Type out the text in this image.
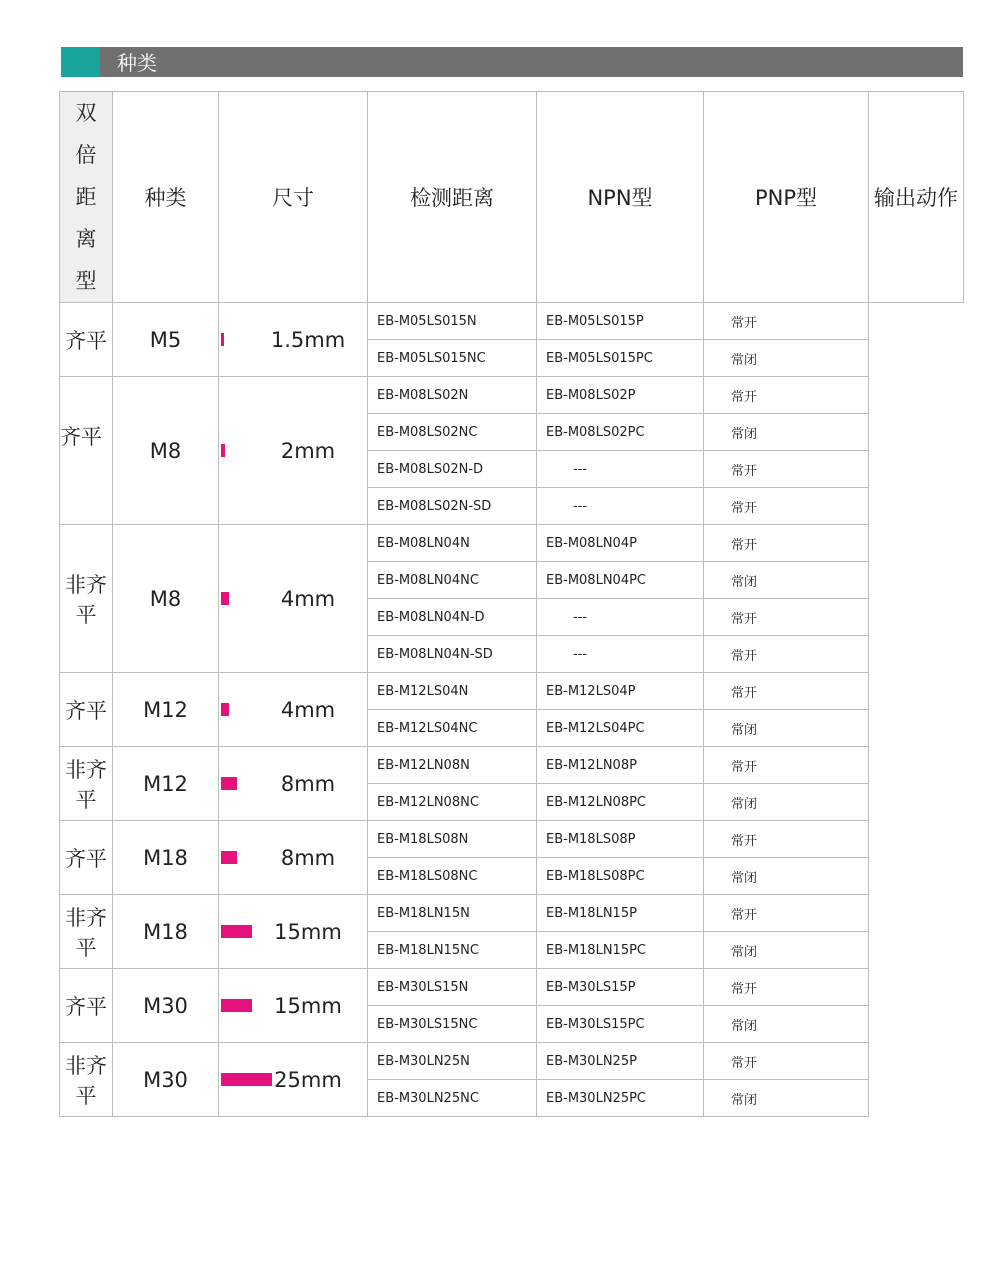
种类
双倍距离型	种类	尺寸	检测距离	NPN型	PNP型	输出动作
齐平	M5	1.5mm	EB-M05LS015N	EB-M05LS015P	常开	
			EB-M05LS015NC	EB-M05LS015PC	常闭	
齐平	M8	2mm	EB-M08LS02N	EB-M08LS02P	常开	
			EB-M08LS02NC	EB-M08LS02PC	常闭	
			EB-M08LS02N-D	---	常开	
			EB-M08LS02N-SD	---	常开	
非齐平	M8	4mm	EB-M08LN04N	EB-M08LN04P	常开	
			EB-M08LN04NC	EB-M08LN04PC	常闭	
			EB-M08LN04N-D	---	常开	
			EB-M08LN04N-SD	---	常开	
齐平	M12	4mm	EB-M12LS04N	EB-M12LS04P	常开	
			EB-M12LS04NC	EB-M12LS04PC	常闭	
非齐平	M12	8mm	EB-M12LN08N	EB-M12LN08P	常开	
			EB-M12LN08NC	EB-M12LN08PC	常闭	
齐平	M18	8mm	EB-M18LS08N	EB-M18LS08P	常开	
			EB-M18LS08NC	EB-M18LS08PC	常闭	
非齐平	M18	15mm	EB-M18LN15N	EB-M18LN15P	常开	
			EB-M18LN15NC	EB-M18LN15PC	常闭	
齐平	M30	15mm	EB-M30LS15N	EB-M30LS15P	常开	
			EB-M30LS15NC	EB-M30LS15PC	常闭	
非齐平	M30	25mm	EB-M30LN25N	EB-M30LN25P	常开	
			EB-M30LN25NC	EB-M30LN25PC	常闭	
